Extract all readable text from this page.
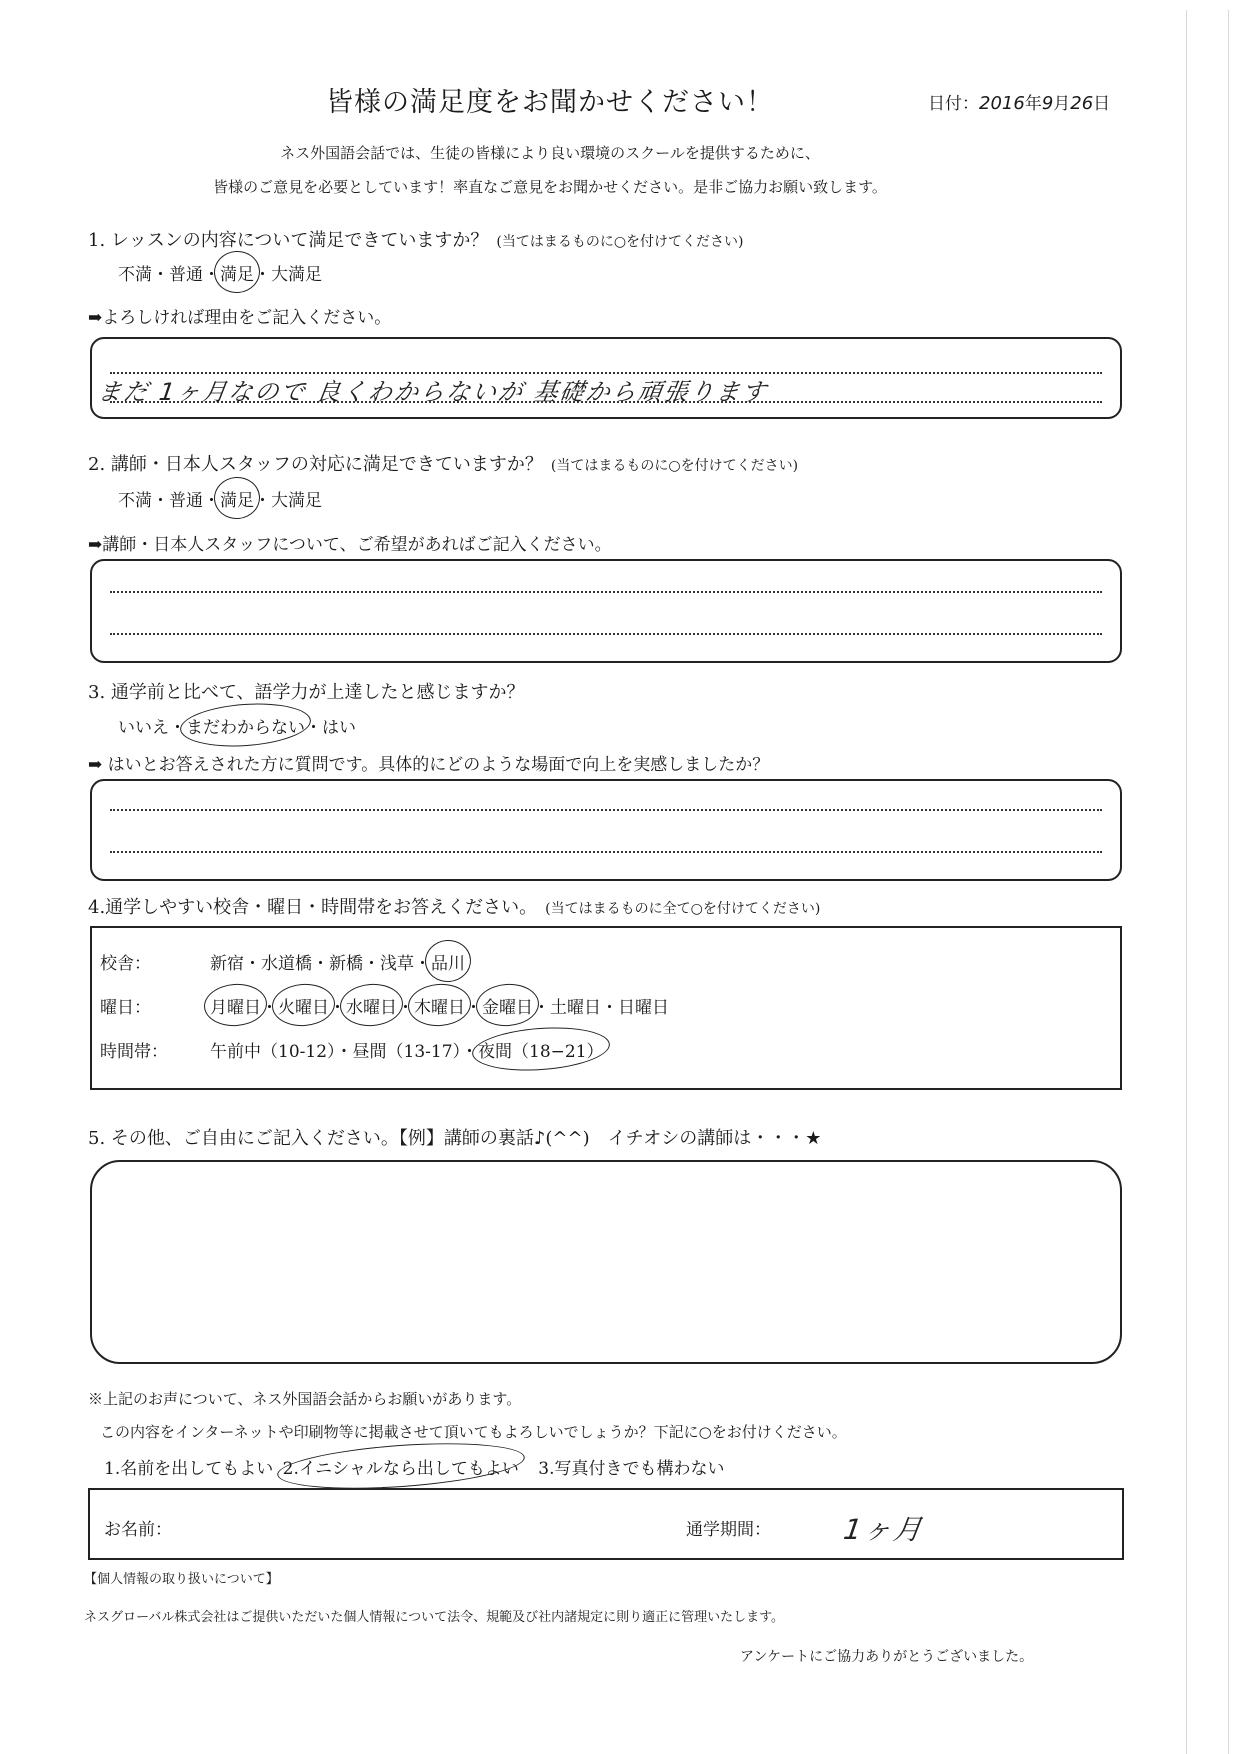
皆様の満足度をお聞かせください！	日付：2016年9月26日
ネス外国語会話では、生徒の皆様により良い環境のスクールを提供するために、
皆様のご意見を必要としています！率直なご意見をお聞かせください。是非ご協力お願い致します。
1. レッスンの内容について満足できていますか？ (当てはまるものに○を付けてください)
不満・普通・満足・大満足
➡よろしければ理由をご記入ください。
まだ 1ヶ月なので 良くわからないが 基礎から頑張ります
2. 講師・日本人スタッフの対応に満足できていますか？ (当てはまるものに○を付けてください)
不満・普通・満足・大満足
➡講師・日本人スタッフについて、ご希望があればご記入ください。
3. 通学前と比べて、語学力が上達したと感じますか？
いいえ・まだわからない・はい
➡ はいとお答えされた方に質問です。具体的にどのような場面で向上を実感しましたか？
4.通学しやすい校舎・曜日・時間帯をお答えください。 (当てはまるものに全て○を付けてください)
校舎：	新宿・水道橋・新橋・浅草・品川
曜日：	月曜日・火曜日・水曜日・木曜日・金曜日・土曜日・日曜日
時間帯： 午前中（10-12）・昼間（13-17）・夜間（18−21）
5. その他、ご自由にご記入ください。【例】講師の裏話♪(^^)　イチオシの講師は・・・★
※上記のお声について、ネス外国語会話からお願いがあります。
この内容をインターネットや印刷物等に掲載させて頂いてもよろしいでしょうか？下記に○をお付けください。
1.名前を出してもよい 2.イニシャルなら出してもよい 3.写真付きでも構わない
お名前：	通学期間：	1ヶ月
【個人情報の取り扱いについて】
ネスグローバル株式会社はご提供いただいた個人情報について法令、規範及び社内諸規定に則り適正に管理いたします。
アンケートにご協力ありがとうございました。
